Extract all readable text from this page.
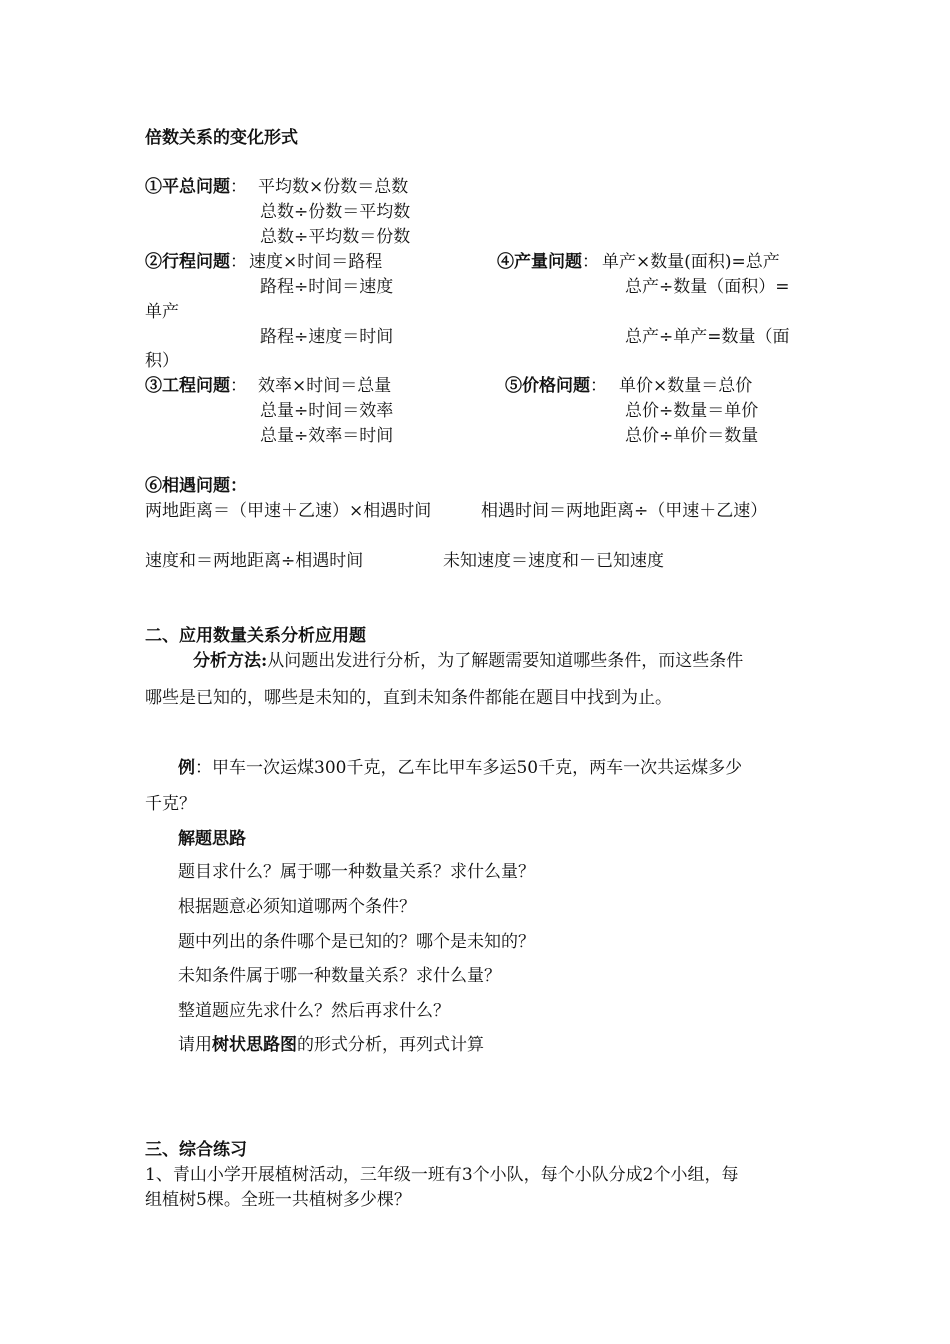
倍数关系的变化形式
①平总问题： 平均数×份数＝总数
总数÷份数＝平均数
总数÷平均数＝份数
②行程问题： 速度×时间＝路程
路程÷时间＝速度
路程÷速度＝时间
④产量问题： 单产×数量(面积)=总产
总产÷数量（面积）=
单产
总产÷单产=数量（面
积）
③工程问题： 效率×时间＝总量
总量÷时间＝效率
总量÷效率＝时间
⑤价格问题： 单价×数量＝总价
总价÷数量＝单价
总价÷单价＝数量
⑥相遇问题：
两地距离＝（甲速＋乙速）×相遇时间	相遇时间＝两地距离÷（甲速＋乙速）
速度和＝两地距离÷相遇时间	未知速度＝速度和－已知速度
二、应用数量关系分析应用题
分析方法:从问题出发进行分析，为了解题需要知道哪些条件，而这些条件
哪些是已知的，哪些是未知的，直到未知条件都能在题目中找到为止。
例：甲车一次运煤300千克，乙车比甲车多运50千克，两车一次共运煤多少
千克？
解题思路
题目求什么？属于哪一种数量关系？求什么量？
根据题意必须知道哪两个条件？
题中列出的条件哪个是已知的？哪个是未知的？
未知条件属于哪一种数量关系？求什么量？
整道题应先求什么？然后再求什么？
请用树状思路图的形式分析，再列式计算
三、综合练习
1、青山小学开展植树活动，三年级一班有3个小队，每个小队分成2个小组，每
组植树5棵。全班一共植树多少棵？
